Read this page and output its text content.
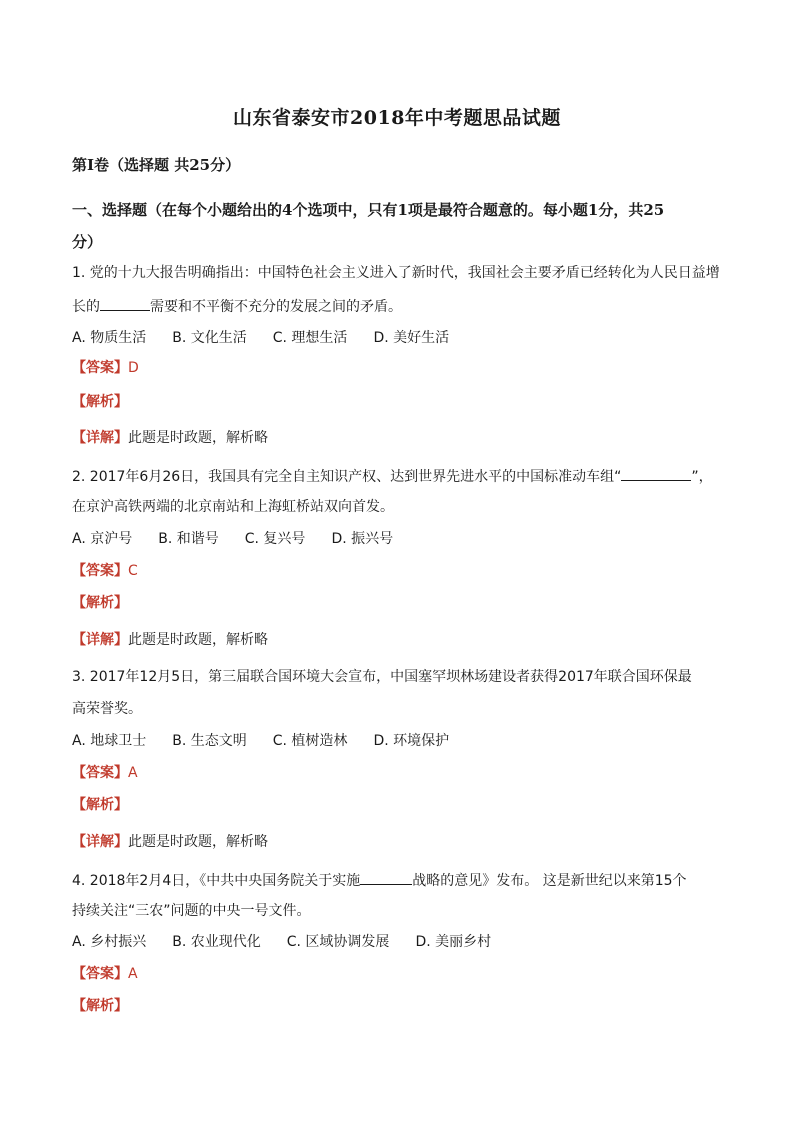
山东省泰安市2018年中考题思品试题
第Ⅰ卷（选择题 共25分）
一、选择题（在每个小题给出的4个选项中，只有1项是最符合题意的。每小题1分，共25
分）
1. 党的十九大报告明确指出：中国特色社会主义进入了新时代，我国社会主要矛盾已经转化为人民日益增
长的	需要和不平衡不充分的发展之间的矛盾。
A. 物质生活 B. 文化生活 C. 理想生活 D. 美好生活
【答案】D
【解析】
【详解】此题是时政题，解析略
2. 2017年6月26日，我国具有完全自主知识产权、达到世界先进水平的中国标准动车组“	”，
在京沪高铁两端的北京南站和上海虹桥站双向首发。
A. 京沪号 B. 和谐号 C. 复兴号 D. 振兴号
【答案】C
【解析】
【详解】此题是时政题，解析略
3. 2017年12月5日，第三届联合国环境大会宣布，中国塞罕坝林场建设者获得2017年联合国环保最
高荣誉奖。
A. 地球卫士 B. 生态文明 C. 植树造林 D. 环境保护
【答案】A
【解析】
【详解】此题是时政题，解析略
4. 2018年2月4日，《中共中央国务院关于实施	战略的意见》发布。 这是新世纪以来第15个
持续关注“三农”问题的中央一号文件。
A. 乡村振兴 B. 农业现代化 C. 区域协调发展 D. 美丽乡村
【答案】A
【解析】
